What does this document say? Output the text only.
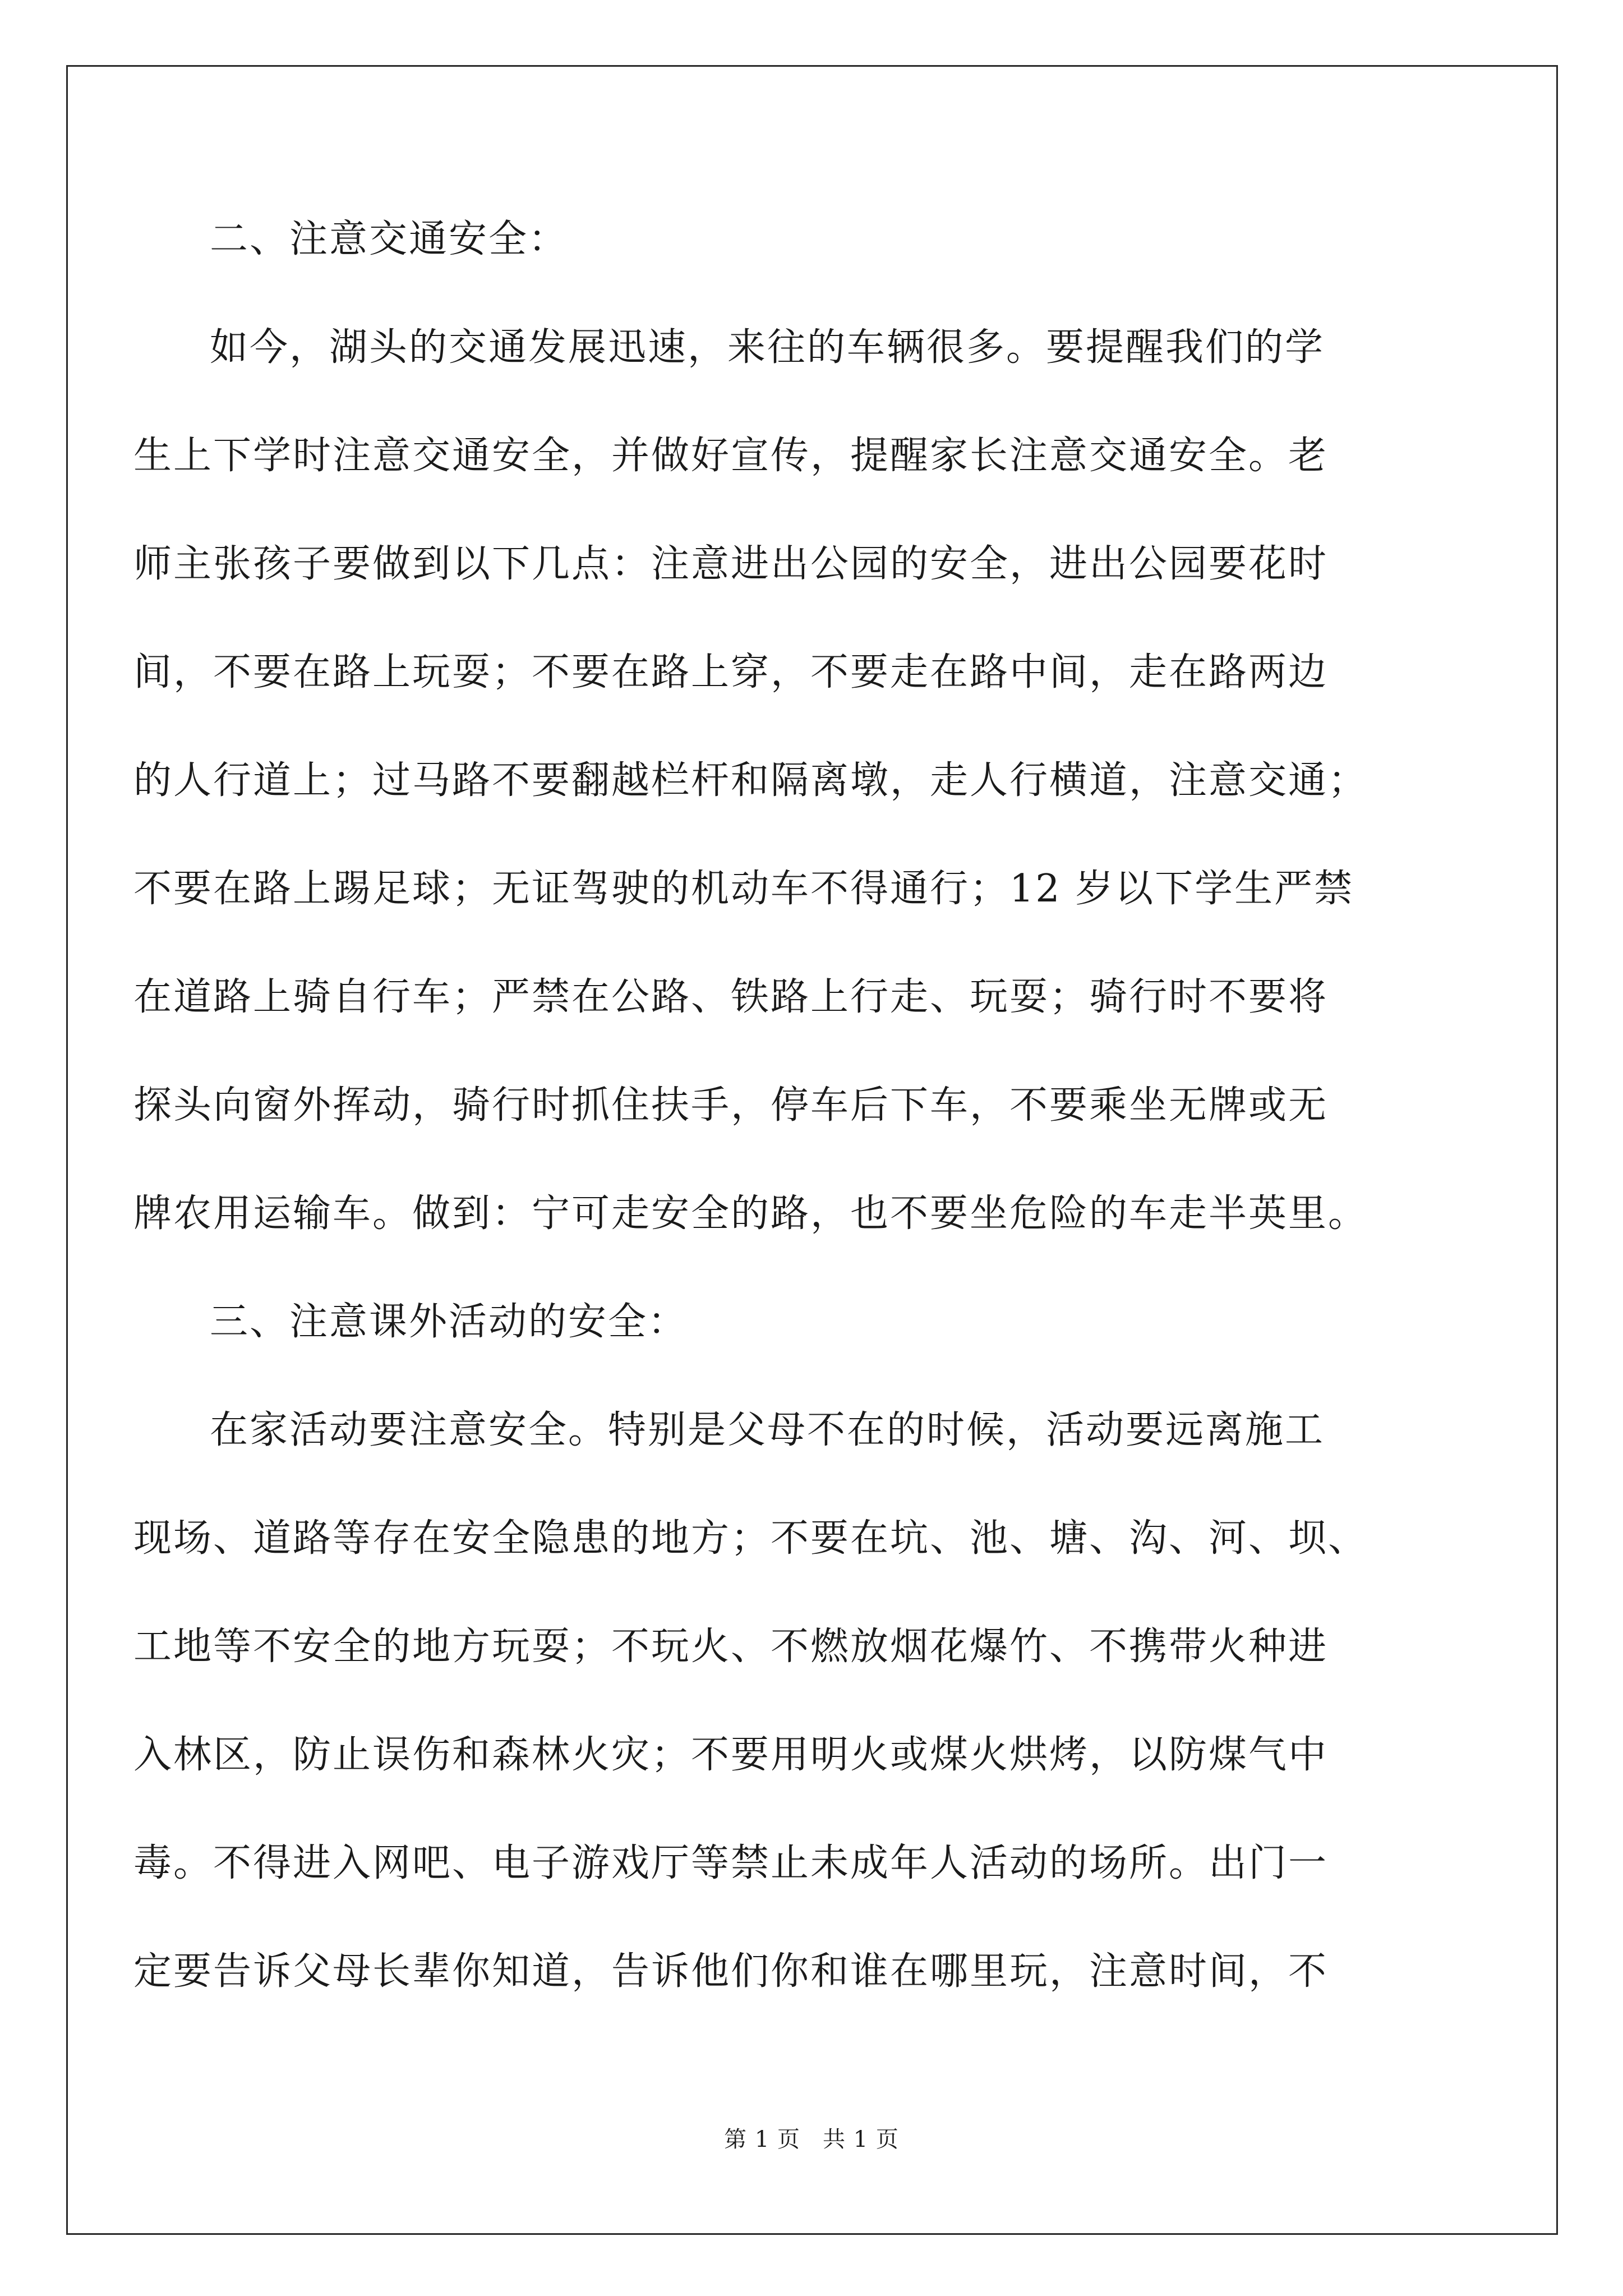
二、注意交通安全：
如今，湖头的交通发展迅速，来往的车辆很多。要提醒我们的学
生上下学时注意交通安全，并做好宣传，提醒家长注意交通安全。老
师主张孩子要做到以下几点：注意进出公园的安全，进出公园要花时
间，不要在路上玩耍；不要在路上穿，不要走在路中间，走在路两边
的人行道上；过马路不要翻越栏杆和隔离墩，走人行横道，注意交通；
不要在路上踢足球；无证驾驶的机动车不得通行；12 岁以下学生严禁
在道路上骑自行车；严禁在公路、铁路上行走、玩耍；骑行时不要将
探头向窗外挥动，骑行时抓住扶手，停车后下车，不要乘坐无牌或无
牌农用运输车。做到：宁可走安全的路，也不要坐危险的车走半英里。
三、注意课外活动的安全：
在家活动要注意安全。特别是父母不在的时候，活动要远离施工
现场、道路等存在安全隐患的地方；不要在坑、池、塘、沟、河、坝、
工地等不安全的地方玩耍；不玩火、不燃放烟花爆竹、不携带火种进
入林区，防止误伤和森林火灾；不要用明火或煤火烘烤，以防煤气中
毒。不得进入网吧、电子游戏厅等禁止未成年人活动的场所。出门一
定要告诉父母长辈你知道，告诉他们你和谁在哪里玩，注意时间，不
第 1 页 共 1 页
